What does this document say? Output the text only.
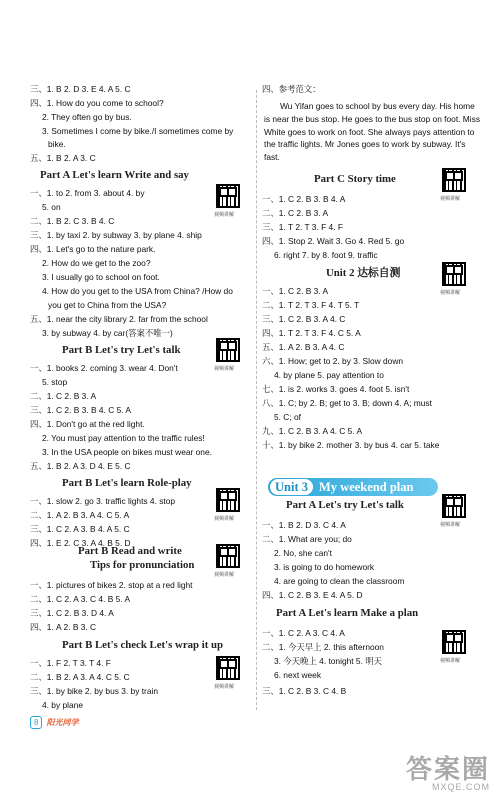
三、1. B 2. D 3. E 4. A 5. C
四、1. How do you come to school?
2. They often go by bus.
3. Sometimes I come by bike./I sometimes come by
bike.
五、1. B 2. A 3. C
Part A Let's learn Write and say
一、1. to 2. from 3. about 4. by
5. on
二、1. B 2. C 3. B 4. C
三、1. by taxi 2. by subway 3. by plane 4. ship
四、1. Let's go to the nature park.
2. How do we get to the zoo?
3. I usually go to school on foot.
4. How do you get to the USA from China? /How do
you get to China from the USA?
五、1. near the city library 2. far from the school
3. by subway 4. by car(答案不唯一)
Part B Let's try Let's talk
一、1. books 2. coming 3. wear 4. Don't
5. stop
二、1. C 2. B 3. A
三、1. C 2. B 3. B 4. C 5. A
四、1. Don't go at the red light.
2. You must pay attention to the traffic rules!
3. In the USA people on bikes must wear one.
五、1. B 2. A 3. D 4. E 5. C
Part B Let's learn Role-play
一、1. slow 2. go 3. traffic lights 4. stop
二、1. A 2. B 3. A 4. C 5. A
三、1. C 2. A 3. B 4. A 5. C
四、1. E 2. C 3. A 4. B 5. D
Part B Read and write
Tips for pronunciation
一、1. pictures of bikes 2. stop at a red light
二、1. C 2. A 3. C 4. B 5. A
三、1. C 2. B 3. D 4. A
四、1. A 2. B 3. C
Part B Let's check Let's wrap it up
一、1. F 2. T 3. T 4. F
二、1. B 2. A 3. A 4. C 5. C
三、1. by bike 2. by bus 3. by train
4. by plane
视频讲解
视频讲解
视频讲解
视频讲解
视频讲解
四、参考范文：
Wu Yifan goes to school by bus every day. His home is near the bus stop. He goes to the bus stop on foot. Miss White goes to work on foot. She always pays attention to the traffic lights. Mr Jones goes to work by subway. It's fast.
Part C Story time
一、1. C 2. B 3. B 4. A
二、1. C 2. B 3. A
三、1. T 2. T 3. F 4. F
四、1. Stop 2. Wait 3. Go 4. Red 5. go
6. right 7. by 8. foot 9. traffic
Unit 2 达标自测
一、1. C 2. B 3. A
二、1. T 2. T 3. F 4. T 5. T
三、1. C 2. B 3. A 4. C
四、1. T 2. T 3. F 4. C 5. A
五、1. A 2. B 3. A 4. C
六、1. How; get to 2. by 3. Slow down
4. by plane 5. pay attention to
七、1. is 2. works 3. goes 4. foot 5. isn't
八、1. C; by 2. B; get to 3. B; down 4. A; must
5. C; of
九、1. C 2. B 3. A 4. C 5. A
十、1. by bike 2. mother 3. by bus 4. car 5. take
Part A Let's try Let's talk
一、1. B 2. D 3. C 4. A
二、1. What are you; do
2. No, she can't
3. is going to do homework
4. are going to clean the classroom
四、1. C 2. B 3. E 4. A 5. D
Part A Let's learn Make a plan
一、1. C 2. A 3. C 4. A
二、1. 今天早上 2. this afternoon
3. 今天晚上 4. tonight 5. 明天
6. next week
三、1. C 2. B 3. C 4. B
Unit 3 My weekend plan
视频讲解
视频讲解
视频讲解
视频讲解
8 阳光同学
答案圈
MXQE.COM
